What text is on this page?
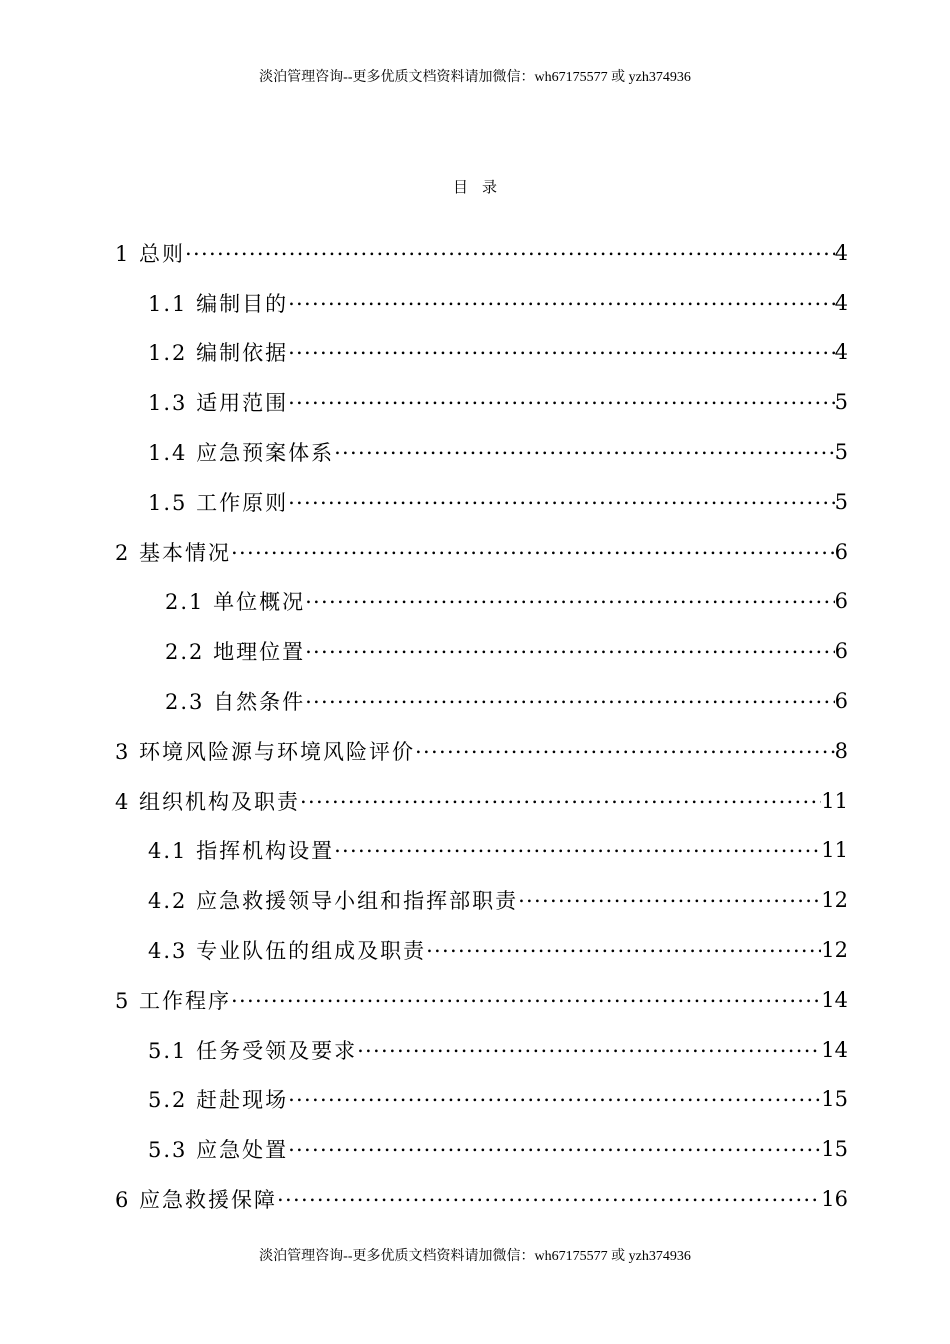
淡泊管理咨询--更多优质文档资料请加微信：wh67175577 或 yzh374936
目录
1 总则 .....	4
1.1 编制目的 .....	4
1.2 编制依据 .....	4
1.3 适用范围 .....	5
1.4 应急预案体系 .....	5
1.5 工作原则 .....	5
2 基本情况 .....	6
2.1 单位概况 .....	6
2.2 地理位置 .....	6
2.3 自然条件 .....	6
3 环境风险源与环境风险评价 .....	8
4 组织机构及职责 .....	11
4.1 指挥机构设置 .....	11
4.2 应急救援领导小组和指挥部职责 .....	12
4.3 专业队伍的组成及职责 .....	12
5 工作程序 .....	14
5.1 任务受领及要求 .....	14
5.2 赶赴现场 .....	15
5.3 应急处置 .....	15
6 应急救援保障 .....	16
淡泊管理咨询--更多优质文档资料请加微信：wh67175577 或 yzh374936
